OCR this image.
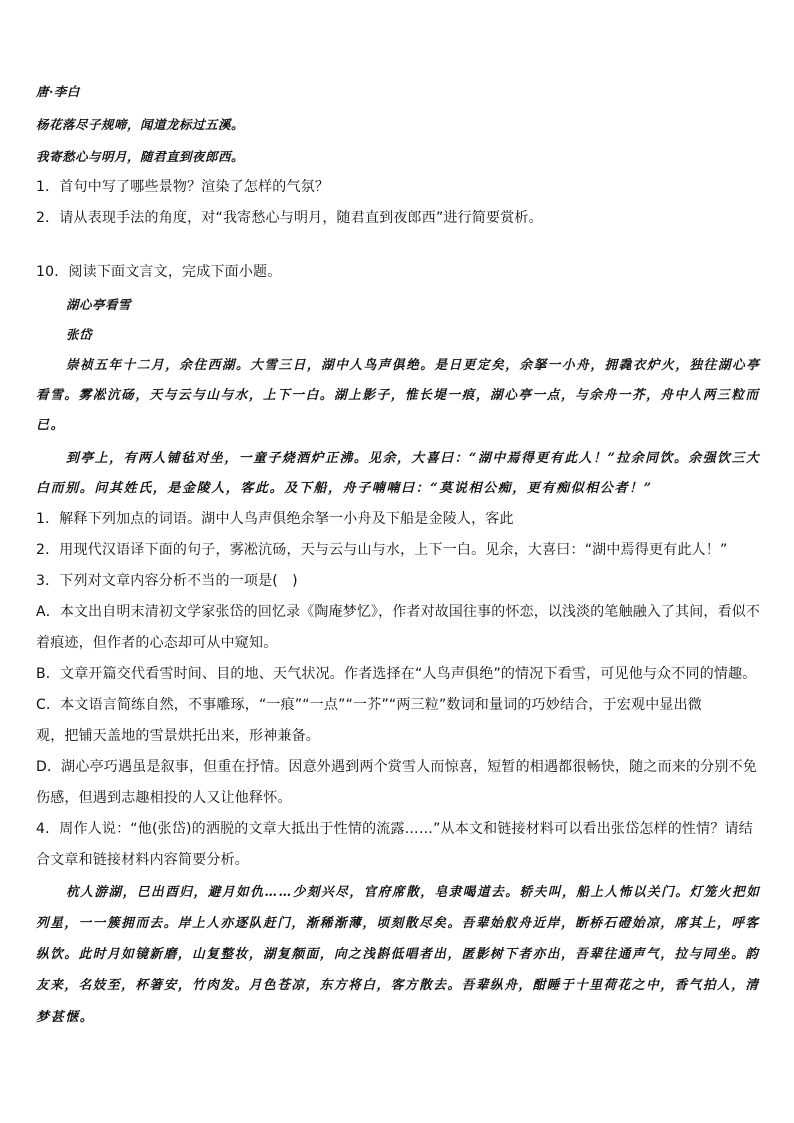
唐·李白
杨花落尽子规啼，闻道龙标过五溪。
我寄愁心与明月，随君直到夜郎西。
1．首句中写了哪些景物？渲染了怎样的气氛？
2．请从表现手法的角度，对“我寄愁心与明月，随君直到夜郎西”进行简要赏析。
10．阅读下面文言文，完成下面小题。
湖心亭看雪
张岱
崇祯五年十二月，余住西湖。大雪三日，湖中人鸟声俱绝。是日更定矣，余拏一小舟，拥毳衣炉火，独往湖心亭
看雪。雾凇沆砀，天与云与山与水，上下一白。湖上影子，惟长堤一痕，湖心亭一点，与余舟一芥，舟中人两三粒而
已。
到亭上，有两人铺毡对坐，一童子烧酒炉正沸。见余，大喜曰：“湖中焉得更有此人！”拉余同饮。余强饮三大
白而别。问其姓氏，是金陵人，客此。及下船，舟子喃喃曰：“莫说相公痴，更有痴似相公者！”
1．解释下列加点的词语。湖中人鸟声俱绝余拏一小舟及下船是金陵人，客此
2．用现代汉语译下面的句子，雾凇沆砀，天与云与山与水，上下一白。见余，大喜曰：“湖中焉得更有此人！”
3．下列对文章内容分析不当的一项是(　)
A．本文出自明末清初文学家张岱的回忆录《陶庵梦忆》，作者对故国往事的怀恋，以浅淡的笔触融入了其间，看似不
着痕迹，但作者的心态却可从中窥知。
B．文章开篇交代看雪时间、目的地、天气状况。作者选择在“人鸟声俱绝”的情况下看雪，可见他与众不同的情趣。
C．本文语言简练自然，不事雕琢，“一痕”“一点”“一芥”“两三粒”数词和量词的巧妙结合，于宏观中显出微
观，把铺天盖地的雪景烘托出来，形神兼备。
D．湖心亭巧遇虽是叙事，但重在抒情。因意外遇到两个赏雪人而惊喜，短暂的相遇都很畅快，随之而来的分别不免
伤感，但遇到志趣相投的人又让他释怀。
4．周作人说：“他(张岱)的洒脱的文章大抵出于性情的流露……”从本文和链接材料可以看出张岱怎样的性情？请结
合文章和链接材料内容简要分析。
杭人游湖，巳出酉归，避月如仇……少刻兴尽，官府席散，皂隶喝道去。轿夫叫，船上人怖以关门。灯笼火把如
列星，一一簇拥而去。岸上人亦逐队赶门，渐稀渐薄，顷刻散尽矣。吾辈始舣舟近岸，断桥石磴始凉，席其上，呼客
纵饮。此时月如镜新磨，山复整妆，湖复颒面，向之浅斟低唱者出，匿影树下者亦出，吾辈往通声气，拉与同坐。韵
友来，名妓至，杯箸安，竹肉发。月色苍凉，东方将白，客方散去。吾辈纵舟，酣睡于十里荷花之中，香气拍人，清
梦甚惬。
